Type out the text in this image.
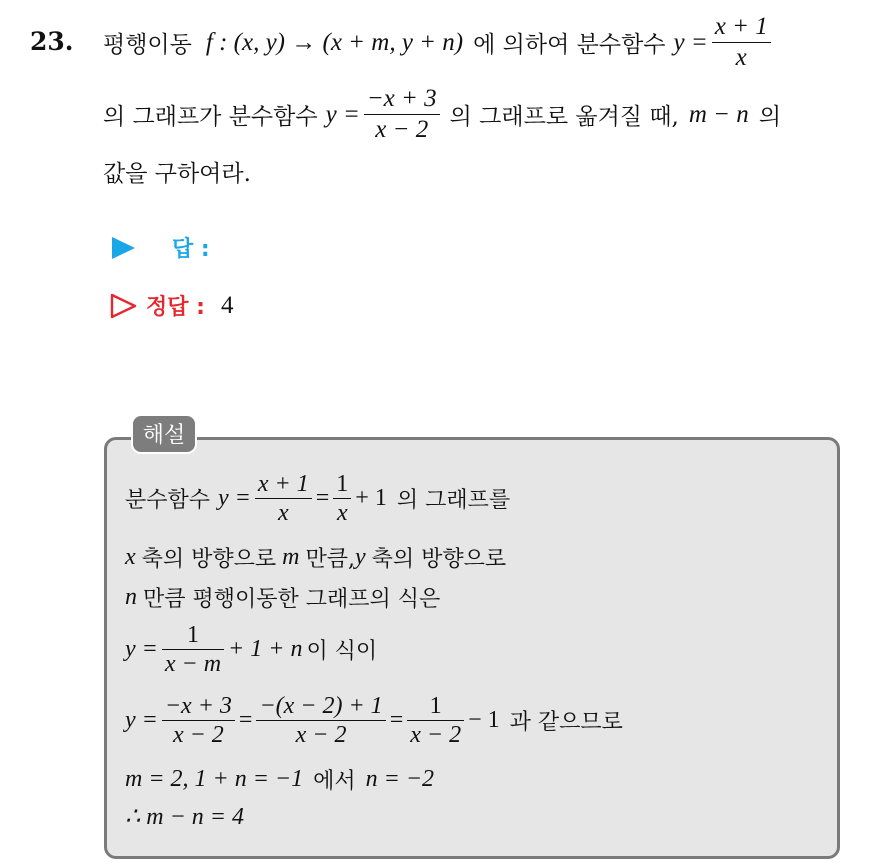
23. 평행이동 f : (x, y) → (x + m, y + n) 에 의하여 분수함수 $y = \frac{x + 1}{x}$
의 그래프가 분수함수 $y = \frac{-x + 3}{x - 2}$ 의 그래프로 옮겨질 때, m − n 의
값을 구하여라.
답 :
정답 : 4
해설
분수함수 $y = \frac{x + 1}{x} = \frac{1}{x} + 1$ 의 그래프를
x 축의 방향으로 m 만큼, y 축의 방향으로
n 만큼 평행이동한 그래프의 식은
$y = \frac{1}{x - m} + 1 + n$ 이 식이
$y = \frac{-x + 3}{x - 2} = \frac{-(x - 2) + 1}{x - 2} = \frac{1}{x - 2} - 1$ 과 같으므로
m = 2, 1 + n = −1 에서 n = −2
∴ m − n = 4
